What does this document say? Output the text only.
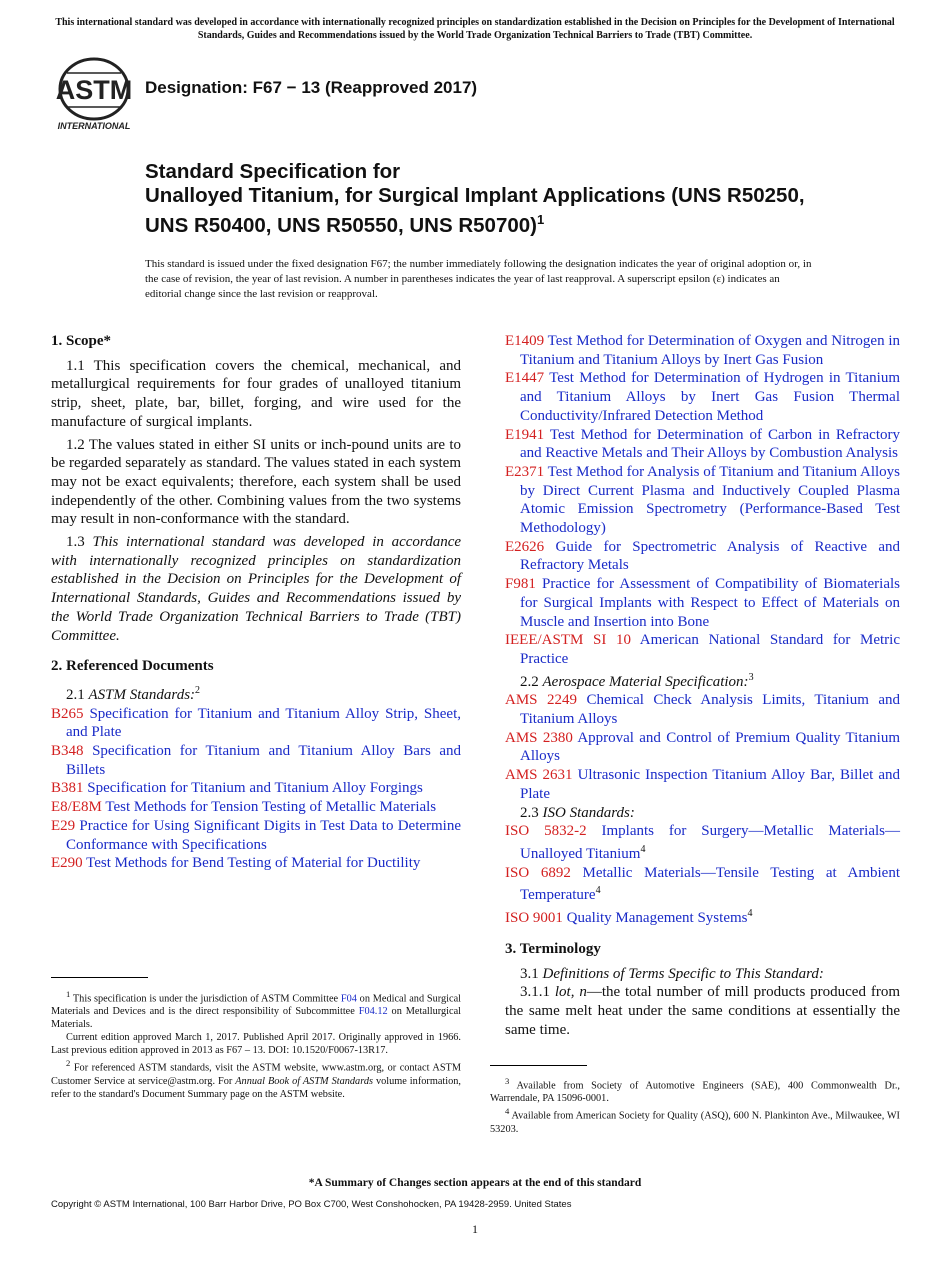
This international standard was developed in accordance with internationally recognized principles on standardization established in the Decision on Principles for the Development of International Standards, Guides and Recommendations issued by the World Trade Organization Technical Barriers to Trade (TBT) Committee.
ASTM
INTERNATIONAL
Designation: F67 − 13 (Reapproved 2017)
Standard Specification for
Unalloyed Titanium, for Surgical Implant Applications (UNS R50250, UNS R50400, UNS R50550, UNS R50700)$^1$
This standard is issued under the fixed designation F67; the number immediately following the designation indicates the year of original adoption or, in the case of revision, the year of last revision. A number in parentheses indicates the year of last reapproval. A superscript epsilon (ε) indicates an editorial change since the last revision or reapproval.
1. Scope*

1.1 This specification covers the chemical, mechanical, and metallurgical requirements for four grades of unalloyed titanium strip, sheet, plate, bar, billet, forging, and wire used for the manufacture of surgical implants.

1.2 The values stated in either SI units or inch-pound units are to be regarded separately as standard. The values stated in each system may not be exact equivalents; therefore, each system shall be used independently of the other. Combining values from the two systems may result in non-conformance with the standard.

1.3 This international standard was developed in accordance with internationally recognized principles on standardization established in the Decision on Principles for the Development of International Standards, Guides and Recommendations issued by the World Trade Organization Technical Barriers to Trade (TBT) Committee.

2. Referenced Documents
2.1 ASTM Standards:$^2$
B265 Specification for Titanium and Titanium Alloy Strip, Sheet, and Plate
B348 Specification for Titanium and Titanium Alloy Bars and Billets
B381 Specification for Titanium and Titanium Alloy Forgings
E8/E8M Test Methods for Tension Testing of Metallic Materials
E29 Practice for Using Significant Digits in Test Data to Determine Conformance with Specifications
E290 Test Methods for Bend Testing of Material for Ductility

$^1$ This specification is under the jurisdiction of ASTM Committee F04 on Medical and Surgical Materials and Devices and is the direct responsibility of Subcommittee F04.12 on Metallurgical Materials.

Current edition approved March 1, 2017. Published April 2017. Originally approved in 1966. Last previous edition approved in 2013 as F67 – 13. DOI: 10.1520/F0067-13R17.

$^2$ For referenced ASTM standards, visit the ASTM website, www.astm.org, or contact ASTM Customer Service at service@astm.org. For Annual Book of ASTM Standards volume information, refer to the standard's Document Summary page on the ASTM website.

E1409 Test Method for Determination of Oxygen and Nitrogen in Titanium and Titanium Alloys by Inert Gas Fusion
E1447 Test Method for Determination of Hydrogen in Titanium and Titanium Alloys by Inert Gas Fusion Thermal Conductivity/Infrared Detection Method
E1941 Test Method for Determination of Carbon in Refractory and Reactive Metals and Their Alloys by Combustion Analysis
E2371 Test Method for Analysis of Titanium and Titanium Alloys by Direct Current Plasma and Inductively Coupled Plasma Atomic Emission Spectrometry (Performance-Based Test Methodology)
E2626 Guide for Spectrometric Analysis of Reactive and Refractory Metals
F981 Practice for Assessment of Compatibility of Biomaterials for Surgical Implants with Respect to Effect of Materials on Muscle and Insertion into Bone
IEEE/ASTM SI 10 American National Standard for Metric Practice
2.2 Aerospace Material Specification:$^3$
AMS 2249 Chemical Check Analysis Limits, Titanium and Titanium Alloys
AMS 2380 Approval and Control of Premium Quality Titanium Alloys
AMS 2631 Ultrasonic Inspection Titanium Alloy Bar, Billet and Plate
2.3 ISO Standards:
ISO 5832-2 Implants for Surgery—Metallic Materials—Unalloyed Titanium$^4$
ISO 6892 Metallic Materials—Tensile Testing at Ambient Temperature$^4$
ISO 9001 Quality Management Systems$^4$
3. Terminology

3.1 Definitions of Terms Specific to This Standard:

3.1.1 lot, n—the total number of mill products produced from the same melt heat under the same conditions at essentially the same time.

$^3$ Available from Society of Automotive Engineers (SAE), 400 Commonwealth Dr., Warrendale, PA 15096-0001.

$^4$ Available from American Society for Quality (ASQ), 600 N. Plankinton Ave., Milwaukee, WI 53203.

*A Summary of Changes section appears at the end of this standard
Copyright © ASTM International, 100 Barr Harbor Drive, PO Box C700, West Conshohocken, PA 19428-2959. United States
1
